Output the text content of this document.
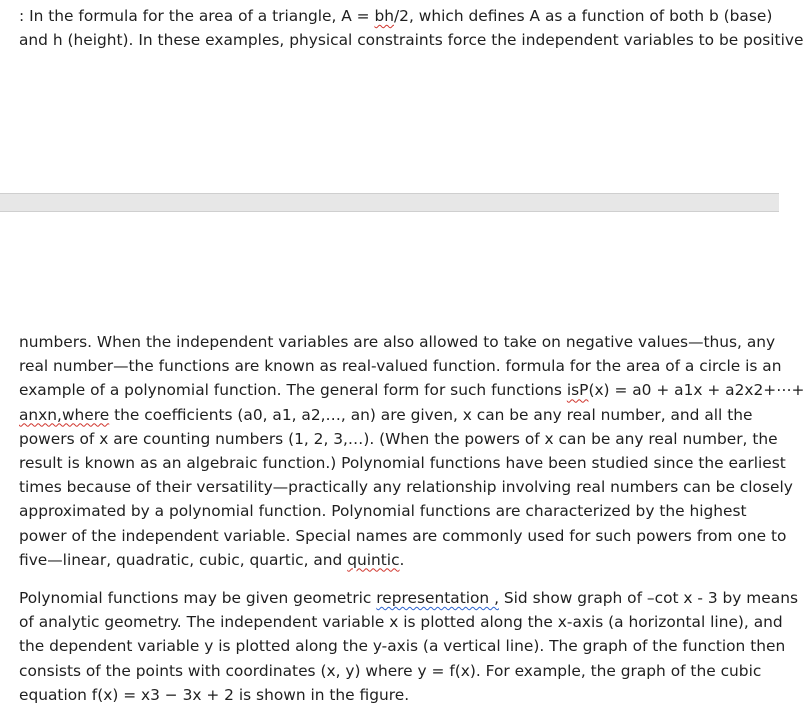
: In the formula for the area of a triangle, A = bh/2, which defines A as a function of both b (base)
and h (height). In these examples, physical constraints force the independent variables to be positive

numbers. When the independent variables are also allowed to take on negative values—thus, any
real number—the functions are known as real-valued function. formula for the area of a circle is an
example of a polynomial function. The general form for such functions isP(x) = a0 + a1x + a2x2+⋯+
anxn,where the coefficients (a0, a1, a2,…, an) are given, x can be any real number, and all the
powers of x are counting numbers (1, 2, 3,…). (When the powers of x can be any real number, the
result is known as an algebraic function.) Polynomial functions have been studied since the earliest
times because of their versatility—practically any relationship involving real numbers can be closely
approximated by a polynomial function. Polynomial functions are characterized by the highest
power of the independent variable. Special names are commonly used for such powers from one to
five—linear, quadratic, cubic, quartic, and quintic.

Polynomial functions may be given geometric representation , Sid show graph of –cot x - 3 by means
of analytic geometry. The independent variable x is plotted along the x-axis (a horizontal line), and
the dependent variable y is plotted along the y-axis (a vertical line). The graph of the function then
consists of the points with coordinates (x, y) where y = f(x). For example, the graph of the cubic
equation f(x) = x3 − 3x + 2 is shown in the figure.
